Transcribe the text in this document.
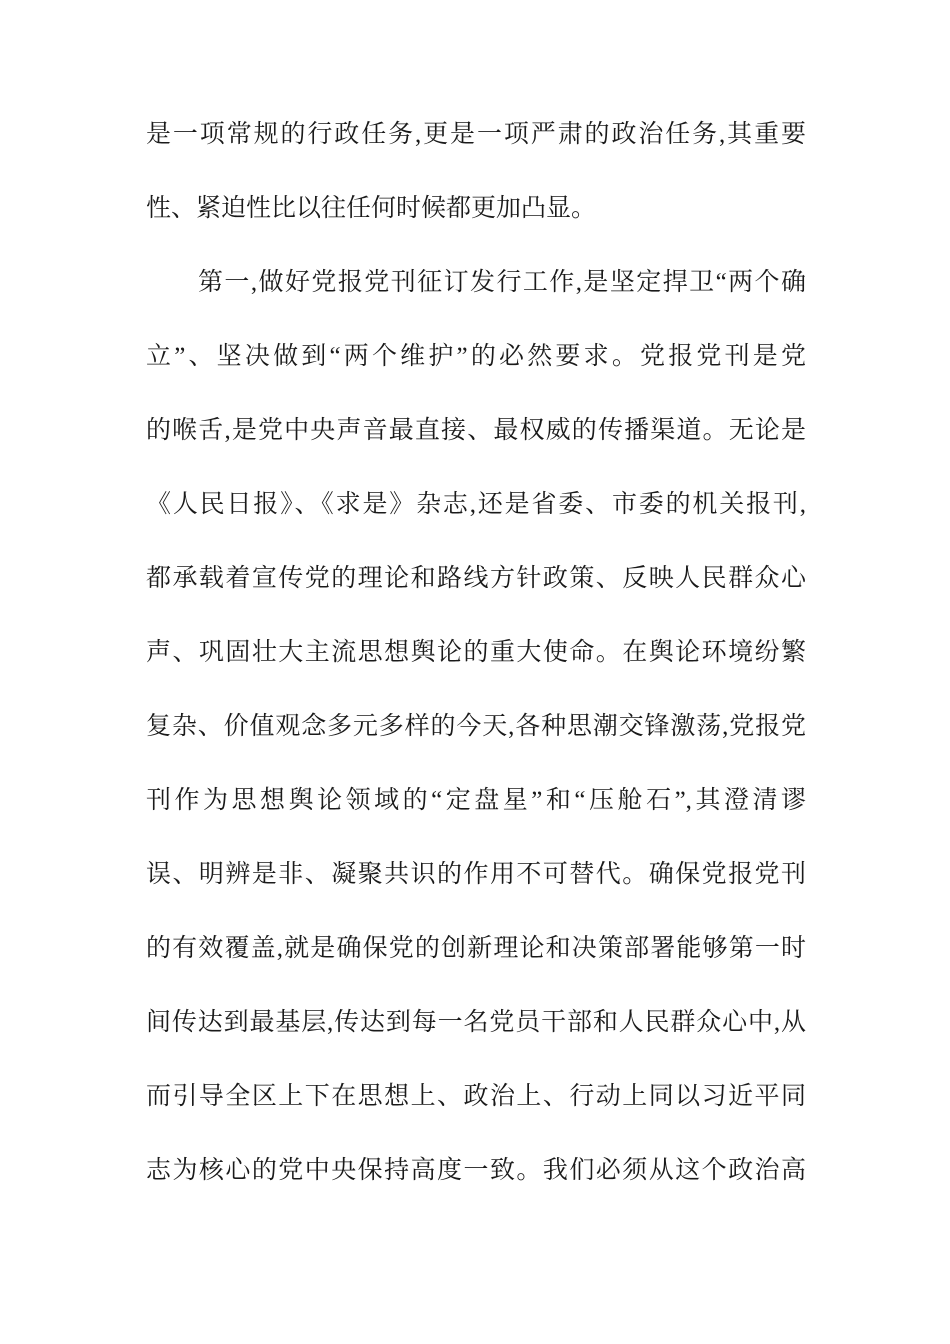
是一项常规的行政任务,更是一项严肃的政治任务,其重要
性、紧迫性比以往任何时候都更加凸显。
第一,做好党报党刊征订发行工作,是坚定捍卫“两个确
立”、坚决做到“两个维护”的必然要求。党报党刊是党
的喉舌,是党中央声音最直接、最权威的传播渠道。无论是
《人民日报》、《求是》杂志,还是省委、市委的机关报刊,
都承载着宣传党的理论和路线方针政策、反映人民群众心
声、巩固壮大主流思想舆论的重大使命。在舆论环境纷繁
复杂、价值观念多元多样的今天,各种思潮交锋激荡,党报党
刊作为思想舆论领域的“定盘星”和“压舱石”,其澄清谬
误、明辨是非、凝聚共识的作用不可替代。确保党报党刊
的有效覆盖,就是确保党的创新理论和决策部署能够第一时
间传达到最基层,传达到每一名党员干部和人民群众心中,从
而引导全区上下在思想上、政治上、行动上同以习近平同
志为核心的党中央保持高度一致。我们必须从这个政治高
